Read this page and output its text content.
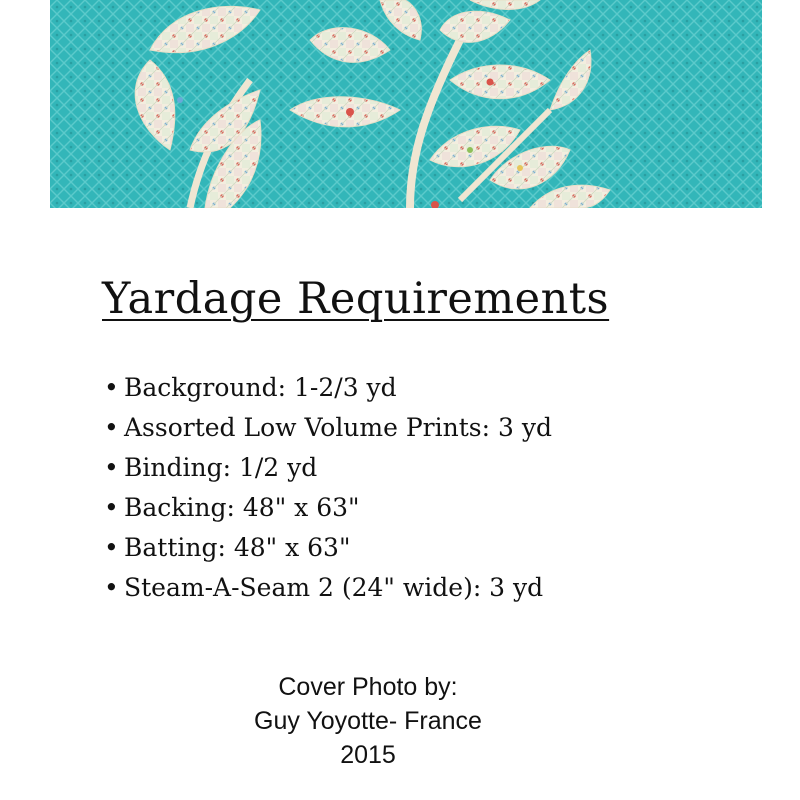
Yardage Requirements
• Background: 1-2/3 yd
• Assorted Low Volume Prints: 3 yd
• Binding: 1/2 yd
• Backing: 48" x 63"
• Batting: 48" x 63"
• Steam-A-Seam 2 (24" wide): 3 yd
Cover Photo by:
Guy Yoyotte- France
2015
